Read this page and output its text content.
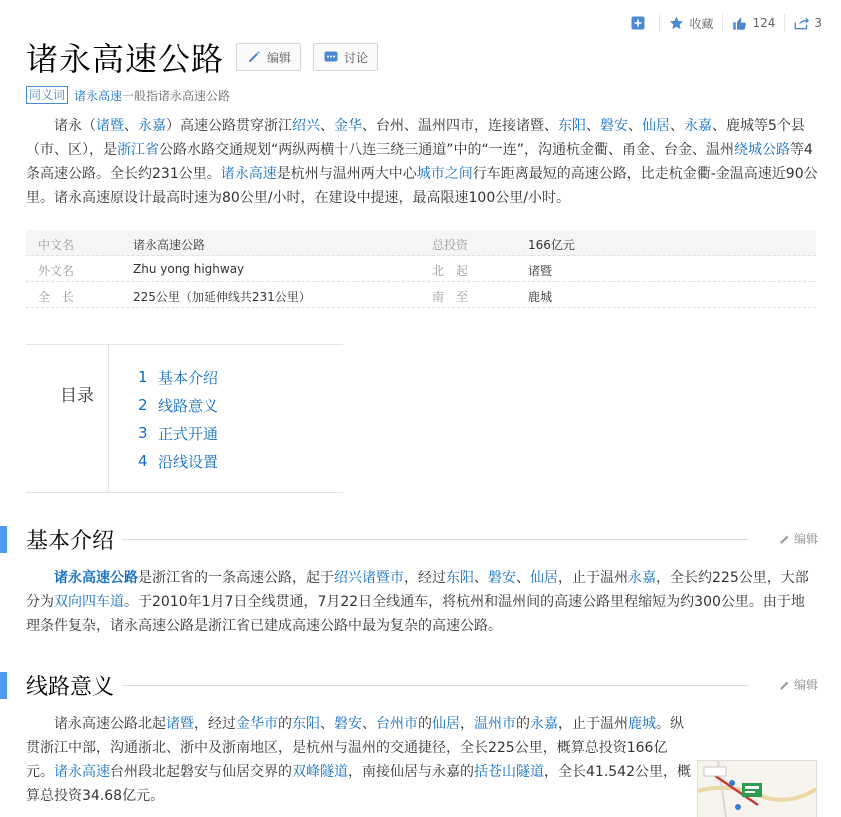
收藏	124	3
诸永高速公路	编辑	讨论
同义词 诸永高速 一般指诸永高速公路

诸永（诸暨、永嘉）高速公路贯穿浙江绍兴、金华、台州、温州四市，连接诸暨、东阳、磐安、仙居、永嘉、鹿城等5个县（市、区），是浙江省公路水路交通规划“两纵两横十八连三绕三通道”中的“一连”，沟通杭金衢、甬金、台金、温州绕城公路等4条高速公路。全长约231公里。诸永高速是杭州与温州两大中心城市之间行车距离最短的高速公路，比走杭金衢-金温高速近90公里。诸永高速原设计最高时速为80公里/小时，在建设中提速，最高限速100公里/小时。

中文名	诸永高速公路	总投资	166亿元
外文名	Zhu yong highway	北　起	诸暨
全　长	225公里（加延伸线共231公里）	南　至	鹿城
目录
1 基本介绍
2 线路意义
3 正式开通
4 沿线设置
基本介绍	编辑

诸永高速公路是浙江省的一条高速公路，起于绍兴诸暨市，经过东阳、磐安、仙居，止于温州永嘉，全长约225公里，大部分为双向四车道。于2010年1月7日全线贯通，7月22日全线通车，将杭州和温州间的高速公路里程缩短为约300公里。由于地理条件复杂，诸永高速公路是浙江省已建成高速公路中最为复杂的高速公路。

线路意义	编辑

诸永高速公路北起诸暨，经过金华市的东阳、磐安、台州市的仙居，温州市的永嘉，止于温州鹿城。纵贯浙江中部，沟通浙北、浙中及浙南地区，是杭州与温州的交通捷径，全长225公里，概算总投资166亿元。诸永高速台州段北起磐安与仙居交界的双峰隧道，南接仙居与永嘉的括苍山隧道，全长41.542公里，概算总投资34.68亿元。
